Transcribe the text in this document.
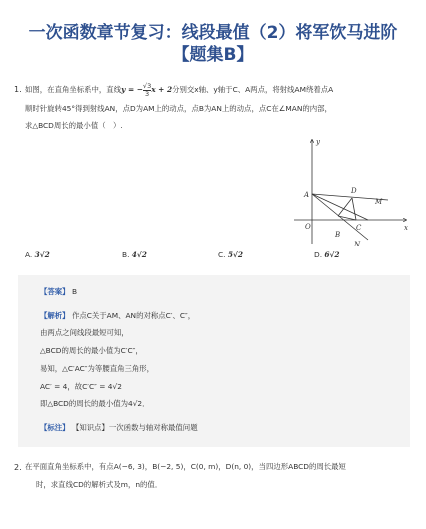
一次函数章节复习：线段最值（2）将军饮马进阶
【题集B】
1. 如图，在直角坐标系中，直线y = − $\frac{√3}{3}$ x + 2分别交x轴、y轴于C、A两点，将射线AM绕着点A
顺时针旋转45°得到射线AN，点D为AM上的动点，点B为AN上的动点，点C在∠MAN的内部，
求△BCD周长的最小值（　）.
y
x
A
O
B
C
D
M
N
A. 3√2	B. 4√2	C. 5√2	D. 6√2
【答案】 B
【解析】 作点C关于AM、AN的对称点C′、C″，
由两点之间线段最短可知，
△BCD的周长的最小值为C′C″，
易知，△C′AC″为等腰直角三角形，
AC′ = 4，故C′C″ = 4√2
即△BCD的周长的最小值为4√2．
【标注】 【知识点】一次函数与轴对称最值问题
2. 在平面直角坐标系中，有点A(−6, 3)，B(−2, 5)，C(0, m)，D(n, 0)，当四边形ABCD的周长最短
时，求直线CD的解析式及m，n的值．
